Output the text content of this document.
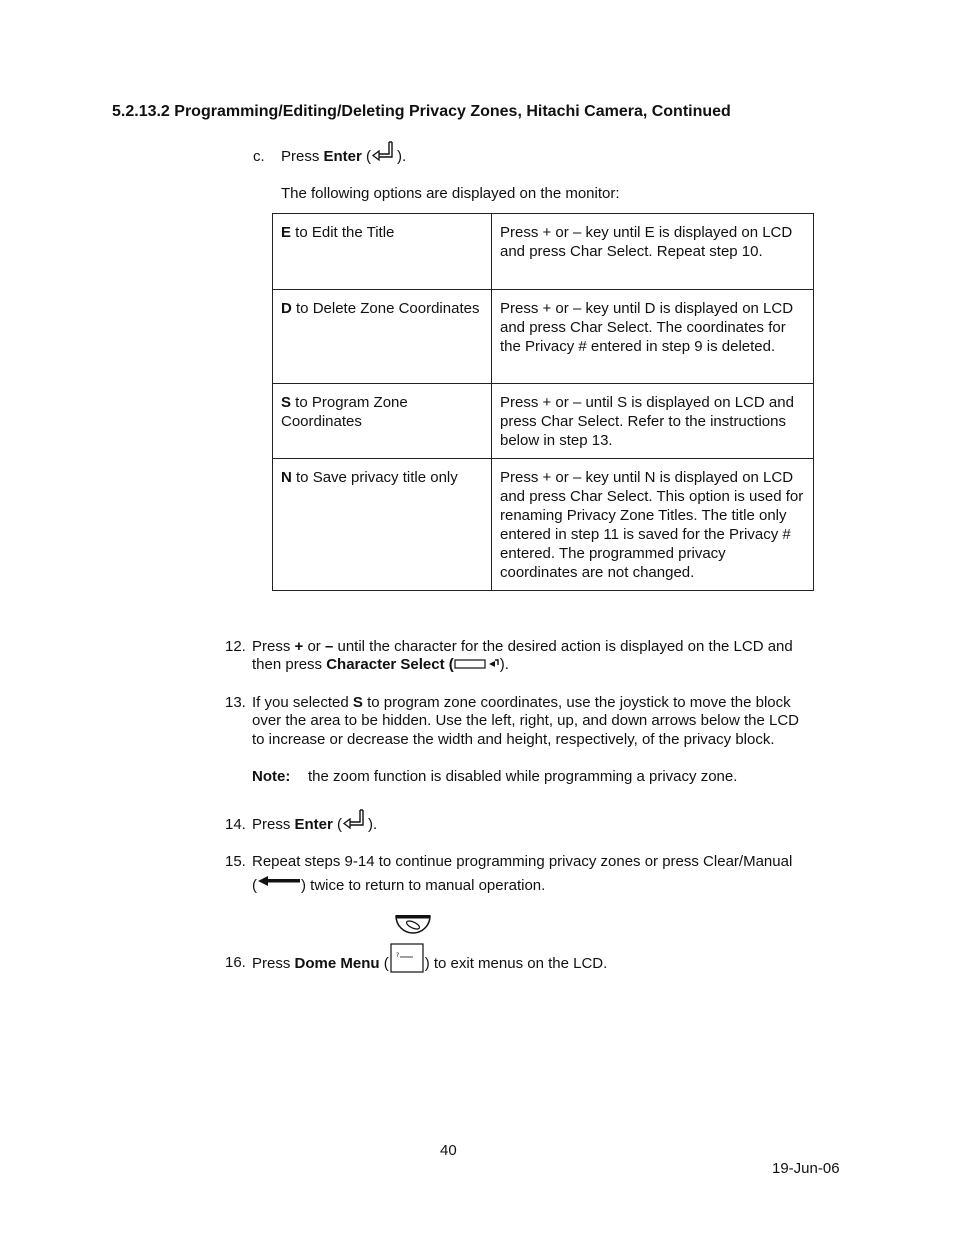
5.2.13.2 Programming/Editing/Deleting Privacy Zones, Hitachi Camera, Continued
c. Press Enter ( ).
The following options are displayed on the monitor:
E to Edit the Title	Press + or – key until E is displayed on LCD and press Char Select. Repeat step 10.
D to Delete Zone Coordinates	Press + or – key until D is displayed on LCD and press Char Select. The coordinates for the Privacy # entered in step 9 is deleted.
S to Program Zone Coordinates	Press + or – until S is displayed on LCD and press Char Select. Refer to the instructions below in step 13.
N to Save privacy title only	Press + or – key until N is displayed on LCD and press Char Select. This option is used for renaming Privacy Zone Titles. The title only entered in step 11 is saved for the Privacy # entered. The programmed privacy coordinates are not changed.
12. Press + or – until the character for the desired action is displayed on the LCD and
then press Character Select (	).
13. If you selected S to program zone coordinates, use the joystick to move the block
over the area to be hidden. Use the left, right, up, and down arrows below the LCD
to increase or decrease the width and height, respectively, of the privacy block.
Note: the zoom function is disabled while programming a privacy zone.
14. Press Enter ( ).
15. Repeat steps 9-14 to continue programming privacy zones or press Clear/Manual
(	) twice to return to manual operation.
16. Press Dome Menu ( ? ) to exit menus on the LCD.
40
19-Jun-06
